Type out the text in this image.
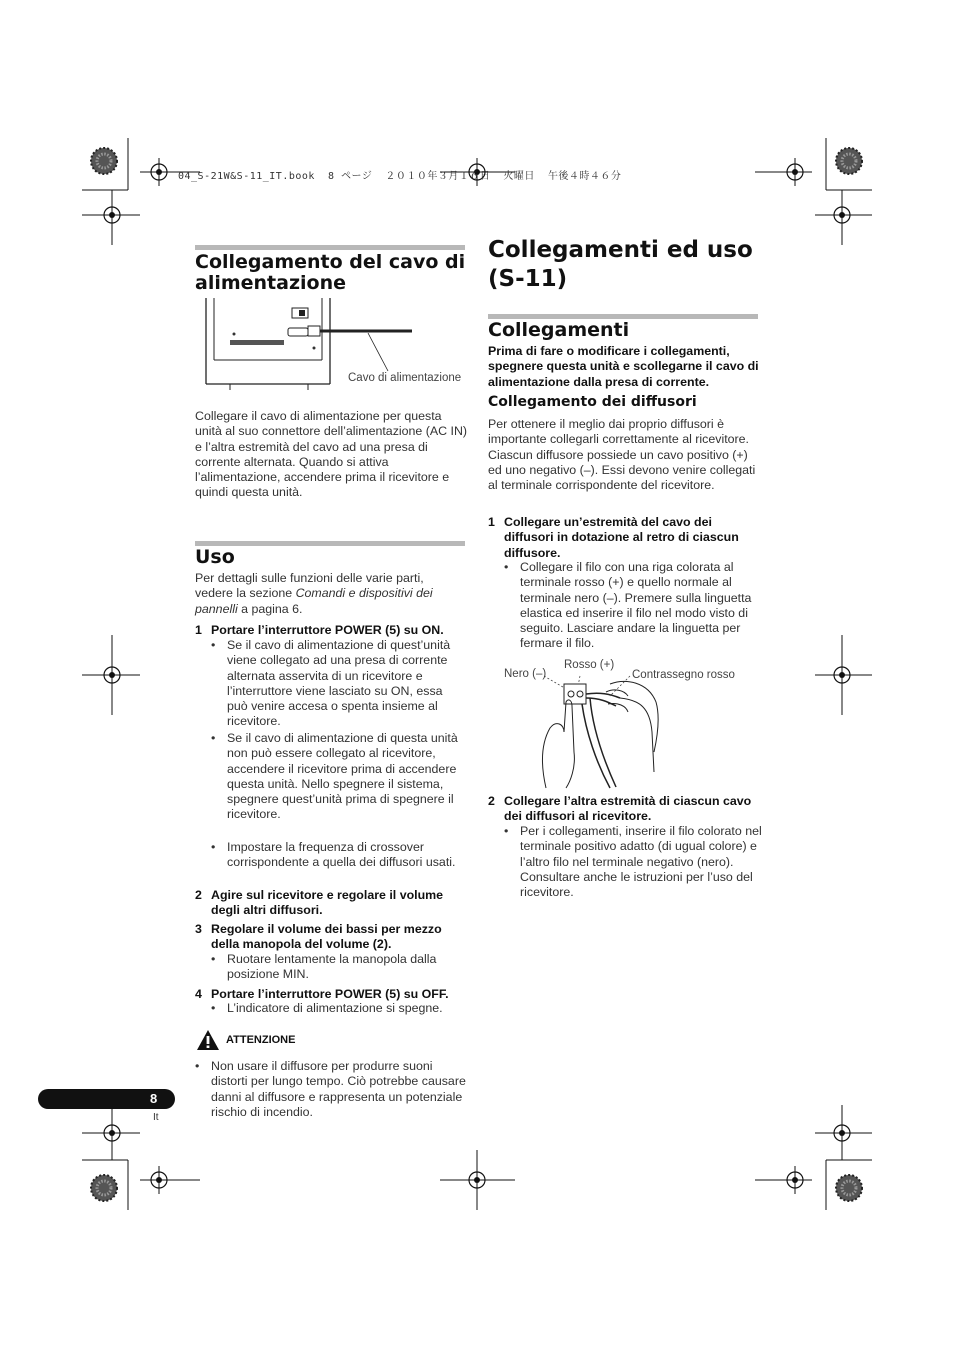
04_S-21W&S-11_IT.book  8 ページ  ２０１０年３月１６日  火曜日  午後４時４６分
Collegamento del cavo di alimentazione
Cavo di alimentazione
Collegare il cavo di alimentazione per questa unità al suo connettore dell’alimentazione (AC IN) e l’altra estremità del cavo ad una presa di corrente alternata. Quando si attiva l’alimentazione, accendere prima il ricevitore e quindi questa unità.
Uso
Per dettagli sulle funzioni delle varie parti, vedere la sezione Comandi e dispositivi dei pannelli a pagina 6.
1 Portare l’interruttore POWER (5) su ON.
• Se il cavo di alimentazione di quest’unità viene collegato ad una presa di corrente alternata asservita di un ricevitore e l’interruttore viene lasciato su ON, essa può venire accesa o spenta insieme al ricevitore.
• Se il cavo di alimentazione di questa unità non può essere collegato al ricevitore, accendere il ricevitore prima di accendere questa unità. Nello spegnere il sistema, spegnere quest’unità prima di spegnere il ricevitore.
• Impostare la frequenza di crossover corrispondente a quella dei diffusori usati.
2 Agire sul ricevitore e regolare il volume degli altri diffusori.
3 Regolare il volume dei bassi per mezzo della manopola del volume (2).
• Ruotare lentamente la manopola dalla posizione MIN.
4 Portare l’interruttore POWER (5) su OFF.
• L’indicatore di alimentazione si spegne.
ATTENZIONE
• Non usare il diffusore per produrre suoni distorti per lungo tempo. Ciò potrebbe causare danni al diffusore e rappresenta un potenziale rischio di incendio.
Collegamenti ed uso (S-11)
Collegamenti
Prima di fare o modificare i collegamenti, spegnere questa unità e scollegarne il cavo di alimentazione dalla presa di corrente.
Collegamento dei diffusori
Per ottenere il meglio dai proprio diffusori è importante collegarli correttamente al ricevitore. Ciascun diffusore possiede un cavo positivo (+) ed uno negativo (–). Essi devono venire collegati al terminale corrispondente del ricevitore.
1 Collegare un’estremità del cavo dei diffusori in dotazione al retro di ciascun diffusore.
• Collegare il filo con una riga colorata al terminale rosso (+) e quello normale al terminale nero (–). Premere sulla linguetta elastica ed inserire il filo nel modo visto di seguito. Lasciare andare la linguetta per fermare il filo.
Rosso (+)
Nero (–)	Contrassegno rosso
2 Collegare l’altra estremità di ciascun cavo dei diffusori al ricevitore.
• Per i collegamenti, inserire il filo colorato nel terminale positivo adatto (di ugual colore) e l’altro filo nel terminale negativo (nero). Consultare anche le istruzioni per l’uso del ricevitore.
8
It
